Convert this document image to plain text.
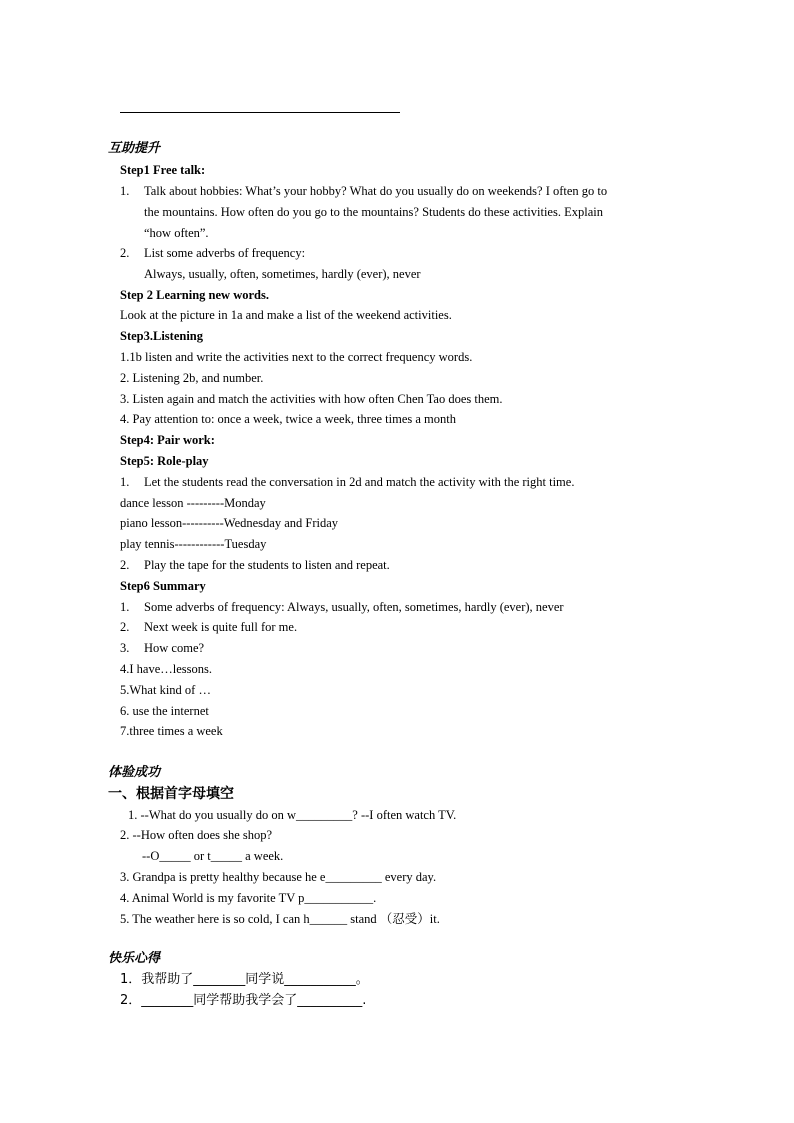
互助提升
Step1 Free talk:
1. Talk about hobbies: What’s your hobby? What do you usually do on weekends? I often go to
the mountains. How often do you go to the mountains? Students do these activities. Explain
“how often”.
2. List some adverbs of frequency:
Always, usually, often, sometimes, hardly (ever), never
Step 2 Learning new words.
Look at the picture in 1a and make a list of the weekend activities.
Step3.Listening
1.1b listen and write the activities next to the correct frequency words.
2. Listening 2b, and number.
3. Listen again and match the activities with how often Chen Tao does them.
4. Pay attention to: once a week, twice a week, three times a month
Step4: Pair work:
Step5: Role-play
1. Let the students read the conversation in 2d and match the activity with the right time.
dance lesson ---------Monday
piano lesson----------Wednesday and Friday
play tennis------------Tuesday
2. Play the tape for the students to listen and repeat.
Step6 Summary
1. Some adverbs of frequency: Always, usually, often, sometimes, hardly (ever), never
2. Next week is quite full for me.
3. How come?
4.I have…lessons.
5.What kind of …
6. use the internet
7.three times a week
体验成功
一、根据首字母填空
1. --What do you usually do on w_________? --I often watch TV.
2. --How often does she shop?
--O_____ or t_____ a week.
3. Grandpa is pretty healthy because he e_________ every day.
4. Animal World is my favorite TV p___________.
5. The weather here is so cold, I can h______ stand （忍受）it.
快乐心得
1．我帮助了________同学说___________。
2．________同学帮助我学会了__________.
